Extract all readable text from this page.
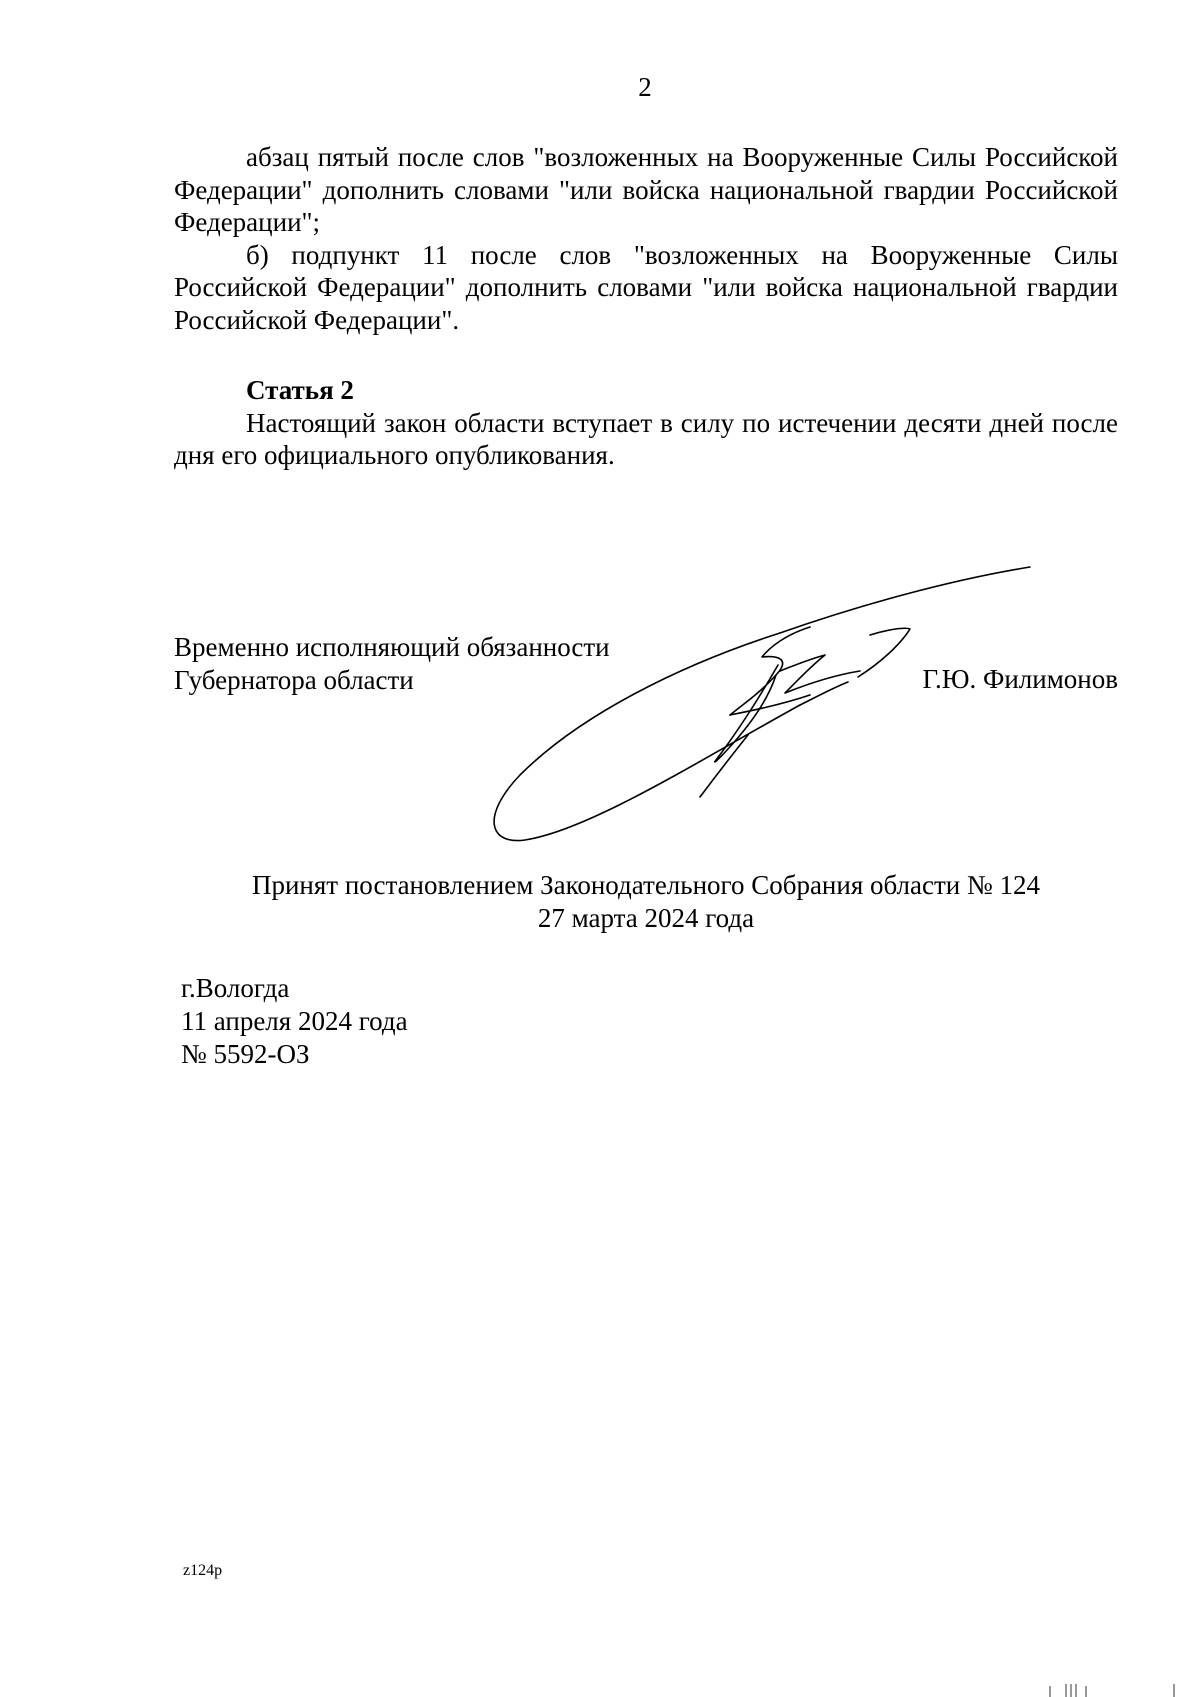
2

абзац пятый после слов "возложенных на Вооруженные Силы Российской Федерации" дополнить словами "или войска национальной гвардии Российской Федерации";

б) подпункт 11 после слов "возложенных на Вооруженные Силы Российской Федерации" дополнить словами "или войска национальной гвардии Российской Федерации".

Статья 2

Настоящий закон области вступает в силу по истечении десяти дней после дня его официального опубликования.

Временно исполняющий обязанности
Губернатора области	Г.Ю. Филимонов
Принят постановлением Законодательного Собрания области № 124
27 марта 2024 года
г.Вологда
11 апреля 2024 года
№ 5592-ОЗ
z124p
